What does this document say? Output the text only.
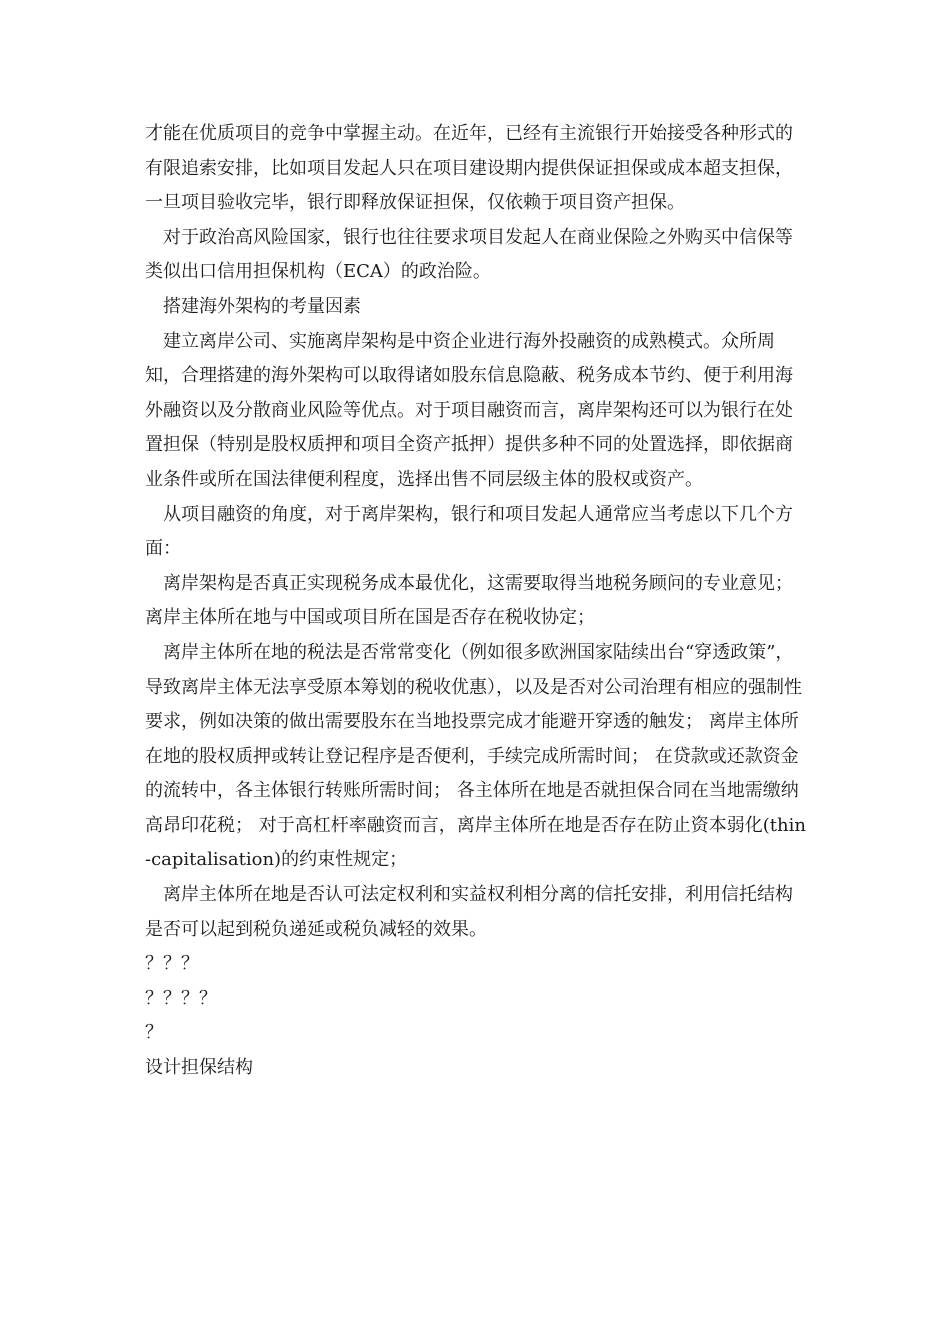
才能在优质项目的竞争中掌握主动。在近年，已经有主流银行开始接受各种形式的有限追索安排，比如项目发起人只在项目建设期内提供保证担保或成本超支担保，一旦项目验收完毕，银行即释放保证担保，仅依赖于项目资产担保。

对于政治高风险国家，银行也往往要求项目发起人在商业保险之外购买中信保等类似出口信用担保机构（ECA）的政治险。

搭建海外架构的考量因素

建立离岸公司、实施离岸架构是中资企业进行海外投融资的成熟模式。众所周知，合理搭建的海外架构可以取得诸如股东信息隐蔽、税务成本节约、便于利用海外融资以及分散商业风险等优点。对于项目融资而言，离岸架构还可以为银行在处置担保（特别是股权质押和项目全资产抵押）提供多种不同的处置选择，即依据商业条件或所在国法律便利程度，选择出售不同层级主体的股权或资产。

从项目融资的角度，对于离岸架构，银行和项目发起人通常应当考虑以下几个方面：

离岸架构是否真正实现税务成本最优化，这需要取得当地税务顾问的专业意见； 离岸主体所在地与中国或项目所在国是否存在税收协定；

离岸主体所在地的税法是否常常变化（例如很多欧洲国家陆续出台“穿透政策”，导致离岸主体无法享受原本筹划的税收优惠），以及是否对公司治理有相应的强制性要求，例如决策的做出需要股东在当地投票完成才能避开穿透的触发； 离岸主体所在地的股权质押或转让登记程序是否便利，手续完成所需时间； 在贷款或还款资金的流转中，各主体银行转账所需时间； 各主体所在地是否就担保合同在当地需缴纳高昂印花税； 对于高杠杆率融资而言，离岸主体所在地是否存在防止资本弱化(thin-capitalisation)的约束性规定；

离岸主体所在地是否认可法定权利和实益权利相分离的信托安排，利用信托结构是否可以起到税负递延或税负减轻的效果。

？？？

？？？？

？

设计担保结构
